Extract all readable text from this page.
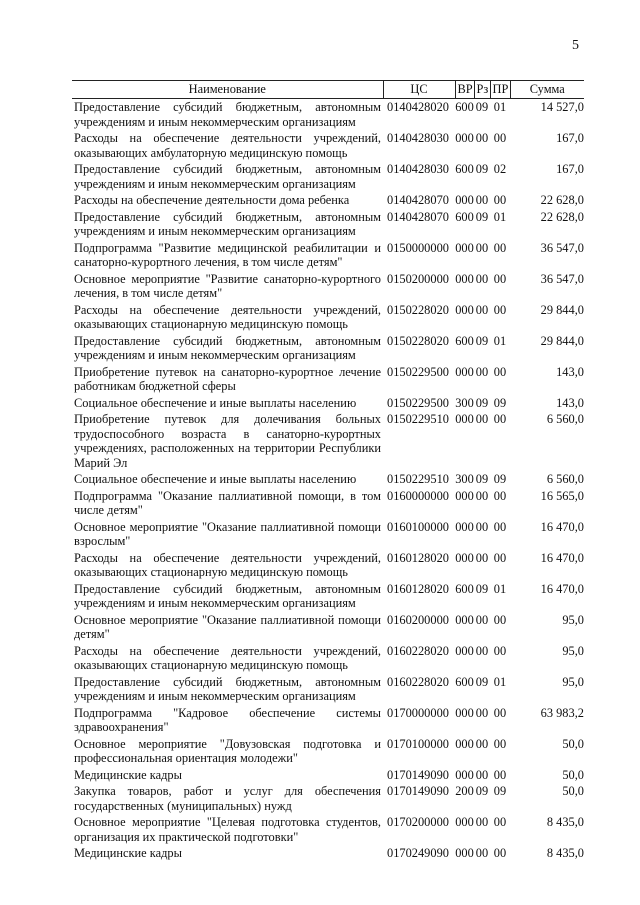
5
Наименование	ЦС	ВР	Рз	ПР	Сумма
Предоставление субсидий бюджетным, автономным учреждениям и иным некоммерческим организациям	0140428020	600	09	01	14 527,0
Расходы на обеспечение деятельности учреждений, оказывающих амбулаторную медицинскую помощь	0140428030	000	00	00	167,0
Предоставление субсидий бюджетным, автономным учреждениям и иным некоммерческим организациям	0140428030	600	09	02	167,0
Расходы на обеспечение деятельности дома ребенка	0140428070	000	00	00	22 628,0
Предоставление субсидий бюджетным, автономным учреждениям и иным некоммерческим организациям	0140428070	600	09	01	22 628,0
Подпрограмма "Развитие медицинской реабилитации и санаторно-курортного лечения, в том числе детям"	0150000000	000	00	00	36 547,0
Основное мероприятие "Развитие санаторно-курортного лечения, в том числе детям"	0150200000	000	00	00	36 547,0
Расходы на обеспечение деятельности учреждений, оказывающих стационарную медицинскую помощь	0150228020	000	00	00	29 844,0
Предоставление субсидий бюджетным, автономным учреждениям и иным некоммерческим организациям	0150228020	600	09	01	29 844,0
Приобретение путевок на санаторно-курортное лечение работникам бюджетной сферы	0150229500	000	00	00	143,0
Социальное обеспечение и иные выплаты населению	0150229500	300	09	09	143,0
Приобретение путевок для долечивания больных трудоспособного возраста в санаторно-курортных учреждениях, расположенных на территории Республики Марий Эл	0150229510	000	00	00	6 560,0
Социальное обеспечение и иные выплаты населению	0150229510	300	09	09	6 560,0
Подпрограмма "Оказание паллиативной помощи, в том числе детям"	0160000000	000	00	00	16 565,0
Основное мероприятие "Оказание паллиативной помощи взрослым"	0160100000	000	00	00	16 470,0
Расходы на обеспечение деятельности учреждений, оказывающих стационарную медицинскую помощь	0160128020	000	00	00	16 470,0
Предоставление субсидий бюджетным, автономным учреждениям и иным некоммерческим организациям	0160128020	600	09	01	16 470,0
Основное мероприятие "Оказание паллиативной помощи детям"	0160200000	000	00	00	95,0
Расходы на обеспечение деятельности учреждений, оказывающих стационарную медицинскую помощь	0160228020	000	00	00	95,0
Предоставление субсидий бюджетным, автономным учреждениям и иным некоммерческим организациям	0160228020	600	09	01	95,0
Подпрограмма "Кадровое обеспечение системы здравоохранения"	0170000000	000	00	00	63 983,2
Основное мероприятие "Довузовская подготовка и профессиональная ориентация молодежи"	0170100000	000	00	00	50,0
Медицинские кадры	0170149090	000	00	00	50,0
Закупка товаров, работ и услуг для обеспечения государственных (муниципальных) нужд	0170149090	200	09	09	50,0
Основное мероприятие "Целевая подготовка студентов, организация их практической подготовки"	0170200000	000	00	00	8 435,0
Медицинские кадры	0170249090	000	00	00	8 435,0
